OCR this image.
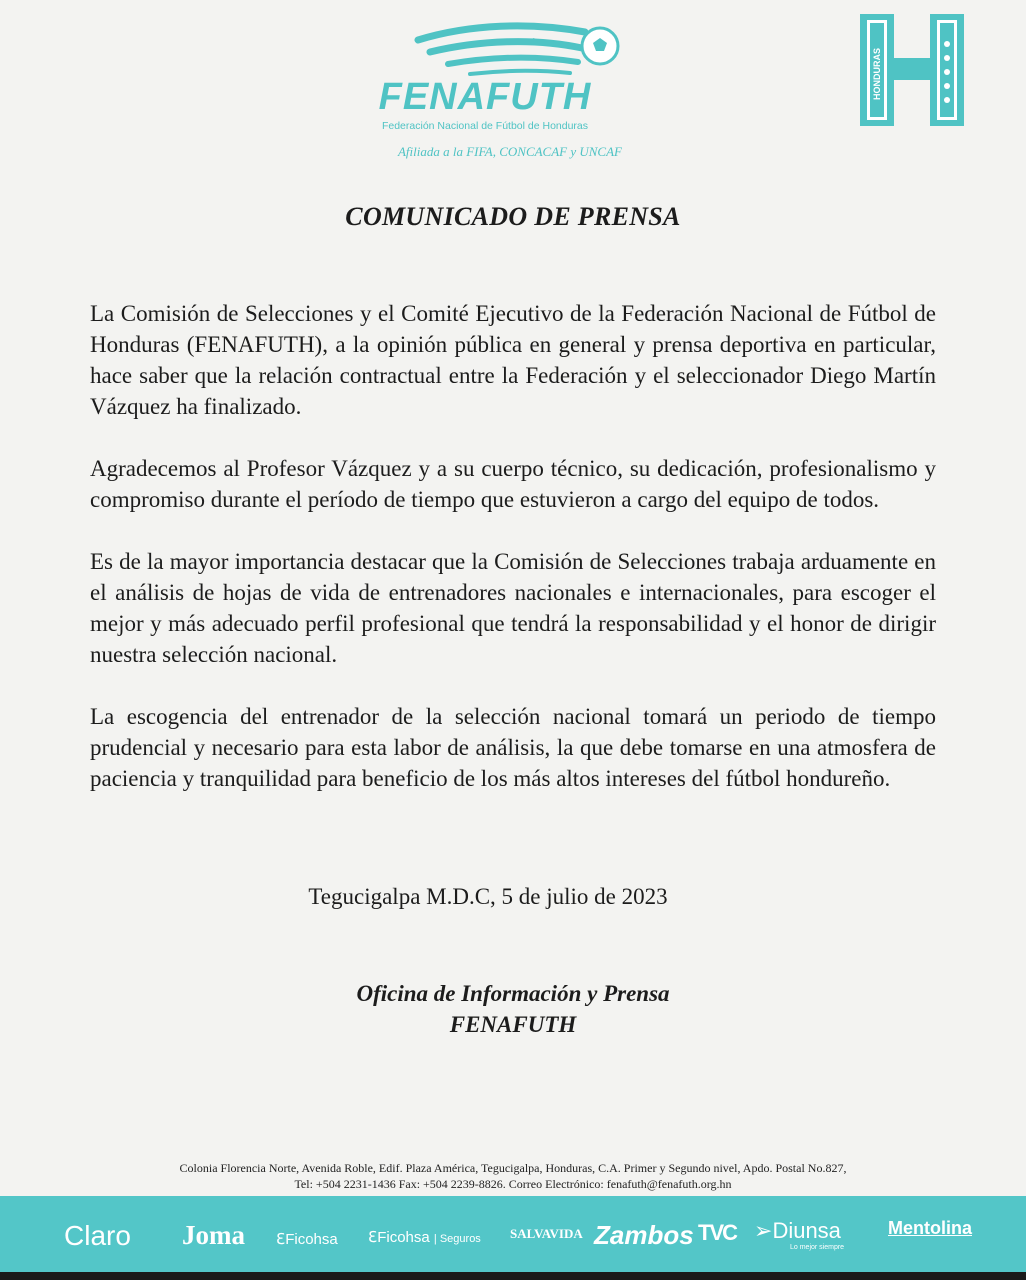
FENAFUTH
Federación Nacional de Fútbol de Honduras
Afiliada a la FIFA, CONCACAF y UNCAF
HONDURAS
COMUNICADO DE PRENSA

La Comisión de Selecciones y el Comité Ejecutivo de la Federación Nacional de Fútbol de Honduras (FENAFUTH), a la opinión pública en general y prensa deportiva en particular, hace saber que la relación contractual entre la Federación y el seleccionador Diego Martín Vázquez ha finalizado.

Agradecemos al Profesor Vázquez y a su cuerpo técnico, su dedicación, profesionalismo y compromiso durante el período de tiempo que estuvieron a cargo del equipo de todos.

Es de la mayor importancia destacar que la Comisión de Selecciones trabaja arduamente en el análisis de hojas de vida de entrenadores nacionales e internacionales, para escoger el mejor y más adecuado perfil profesional que tendrá la responsabilidad y el honor de dirigir nuestra selección nacional.

La escogencia del entrenador de la selección nacional tomará un periodo de tiempo prudencial y necesario para esta labor de análisis, la que debe tomarse en una atmosfera de paciencia y tranquilidad para beneficio de los más altos intereses del fútbol hondureño.

Tegucigalpa M.D.C, 5 de julio de 2023
Oficina de Información y Prensa
FENAFUTH
Colonia Florencia Norte, Avenida Roble, Edif. Plaza América, Tegucigalpa, Honduras, C.A. Primer y Segundo nivel, Apdo. Postal No.827,
Tel: +504 2231-1436 Fax: +504 2239-8826. Correo Electrónico: fenafuth@fenafuth.org.hn
Claro Joma ℇFicohsa ℇFicohsa | Seguros SALVAVIDA Zambos TVC ➢Diunsa
Lo mejor siempre
Mentolina
